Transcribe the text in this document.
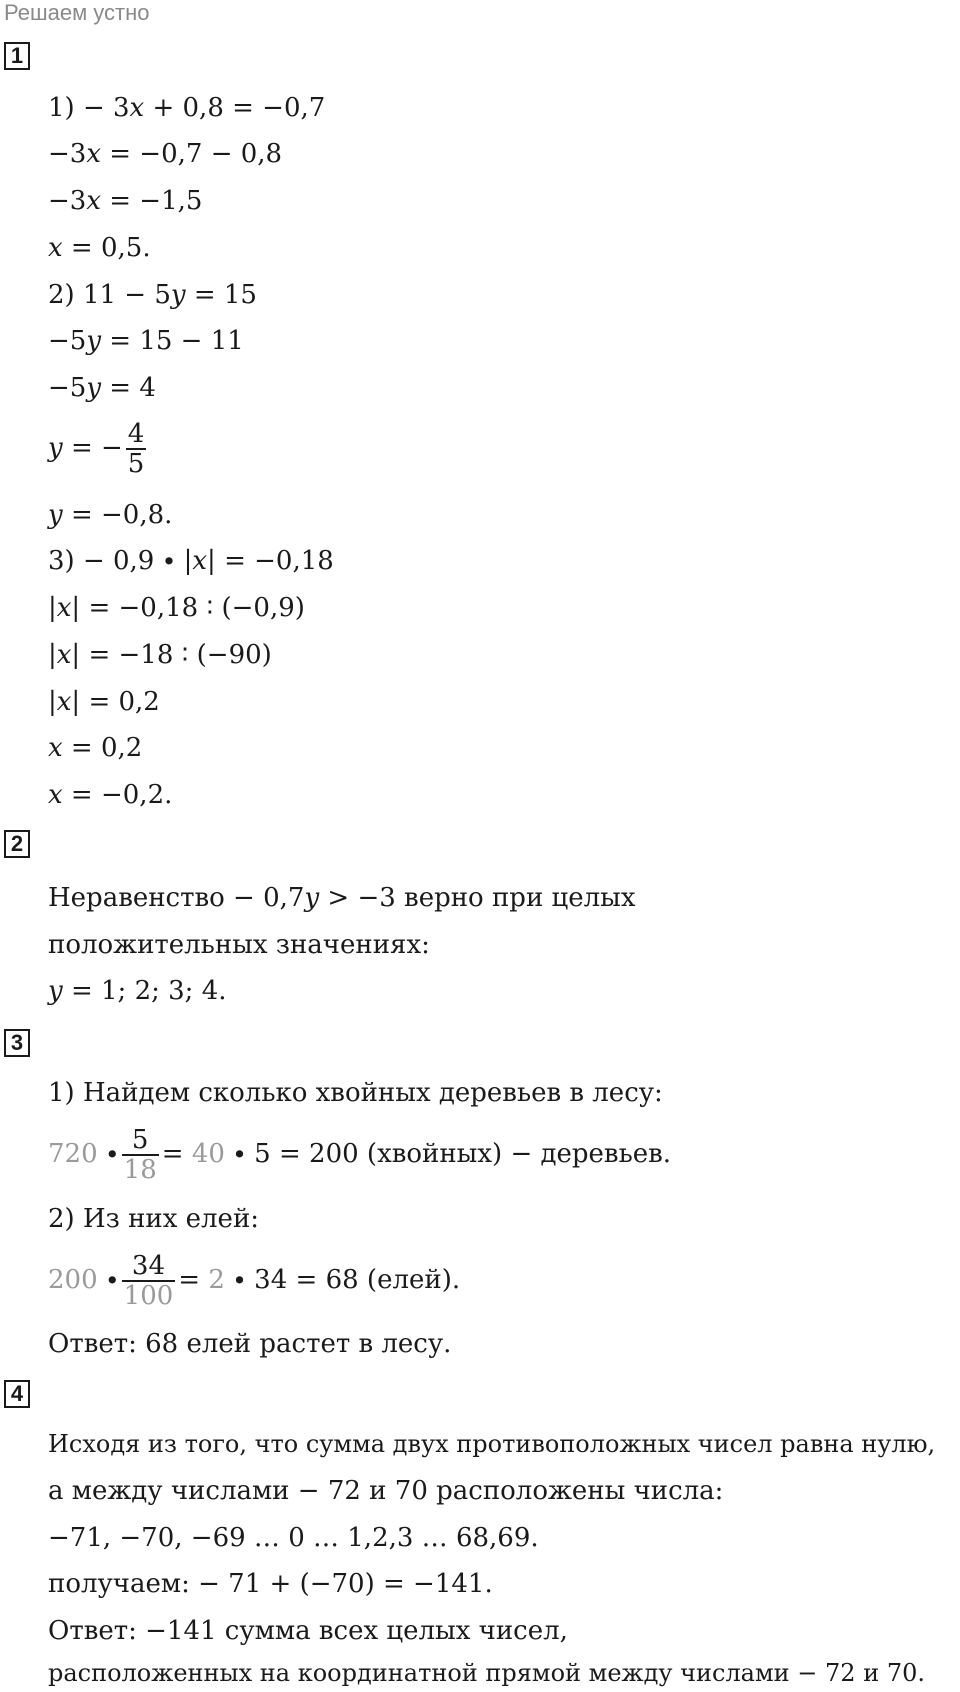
Решаем устно
1
1) − 3𝑥 + 0,8 = −0,7
−3𝑥 = −0,7 − 0,8
−3𝑥 = −1,5
𝑥 = 0,5.
2) 11 − 5𝑦 = 15
−5𝑦 = 15 − 11
−5𝑦 = 4
𝑦 = − $\frac{4}{5}$
𝑦 = −0,8.
3) − 0,9 ∙ |𝑥| = −0,18
|𝑥| = −0,18 ∶ (−0,9)
|𝑥| = −18 ∶ (−90)
|𝑥| = 0,2
𝑥 = 0,2
𝑥 = −0,2.
2
Неравенство − 0,7𝑦 > −3 верно при целых
положительных значениях:
𝑦 = 1; 2; 3; 4.
3
1) Найдем сколько хвойных деревьев в лесу:
$720 \cdot \frac{5}{18} = 40 \cdot 5 = 200$ (хвойных) − деревьев.
2) Из них елей:
$200 \cdot \frac{34}{100} = 2 \cdot 34 = 68$ (елей).
Ответ: 68 елей растет в лесу.
4
Исходя из того, что сумма двух противоположных чисел равна нулю,
а между числами − 72 и 70 расположены числа:
−71, −70, −69 … 0 … 1,2,3 … 68,69.
получаем: − 71 + (−70) = −141.
Ответ: −141 сумма всех целых чисел,
расположенных на координатной прямой между числами − 72 и 70.
